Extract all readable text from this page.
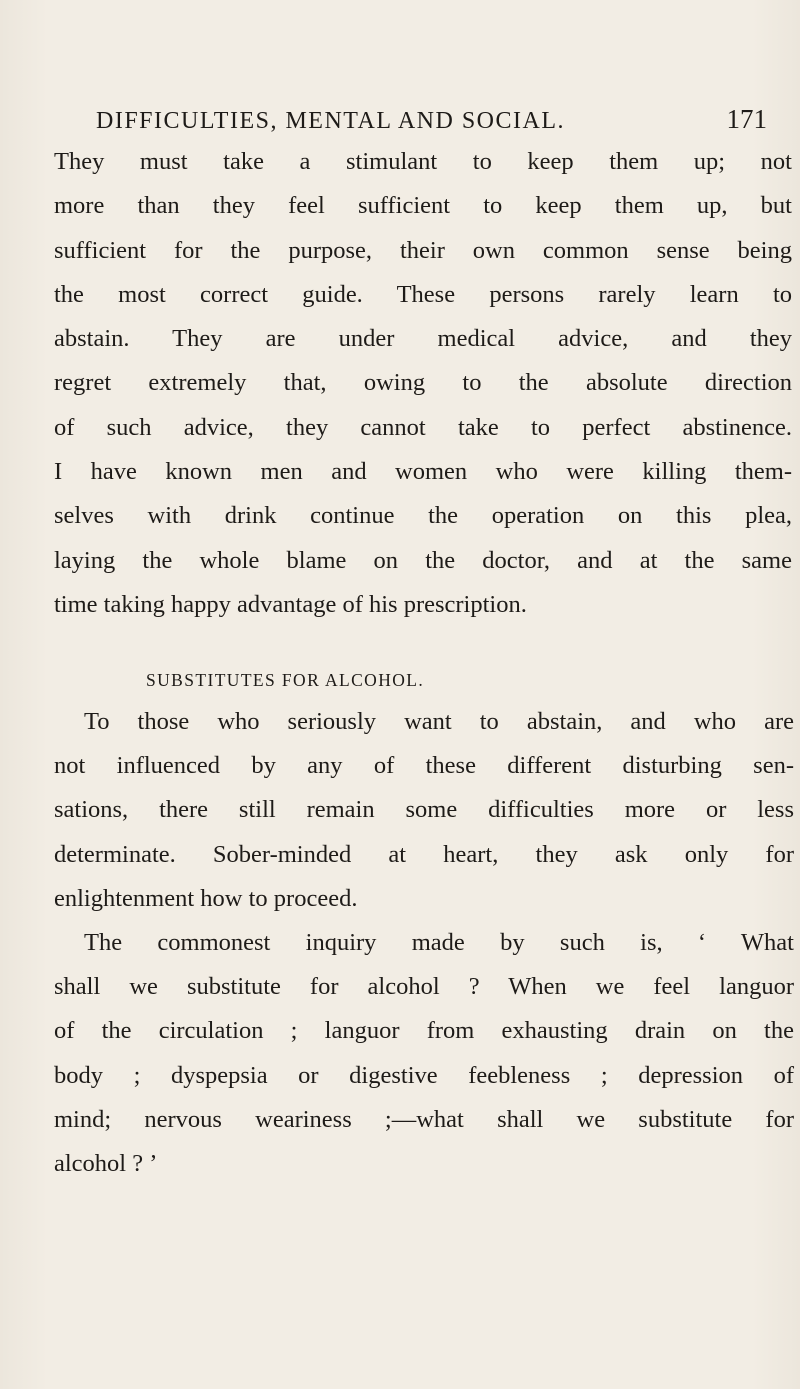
DIFFICULTIES, MENTAL AND SOCIAL.	171
They must take a stimulant to keep them up; not
more than they feel sufficient to keep them up, but
sufficient for the purpose, their own common sense being
the most correct guide. These persons rarely learn to
abstain. They are under medical advice, and they
regret extremely that, owing to the absolute direction
of such advice, they cannot take to perfect abstinence.
I have known men and women who were killing them-
selves with drink continue the operation on this plea,
laying the whole blame on the doctor, and at the same
time taking happy advantage of his prescription.
SUBSTITUTES FOR ALCOHOL.
To those who seriously want to abstain, and who are
not influenced by any of these different disturbing sen-
sations, there still remain some difficulties more or less
determinate. Sober-minded at heart, they ask only for
enlightenment how to proceed.
The commonest inquiry made by such is, ‘ What
shall we substitute for alcohol ? When we feel languor
of the circulation ; languor from exhausting drain on the
body ; dyspepsia or digestive feebleness ; depression of
mind; nervous weariness ;—what shall we substitute for
alcohol ? ’
